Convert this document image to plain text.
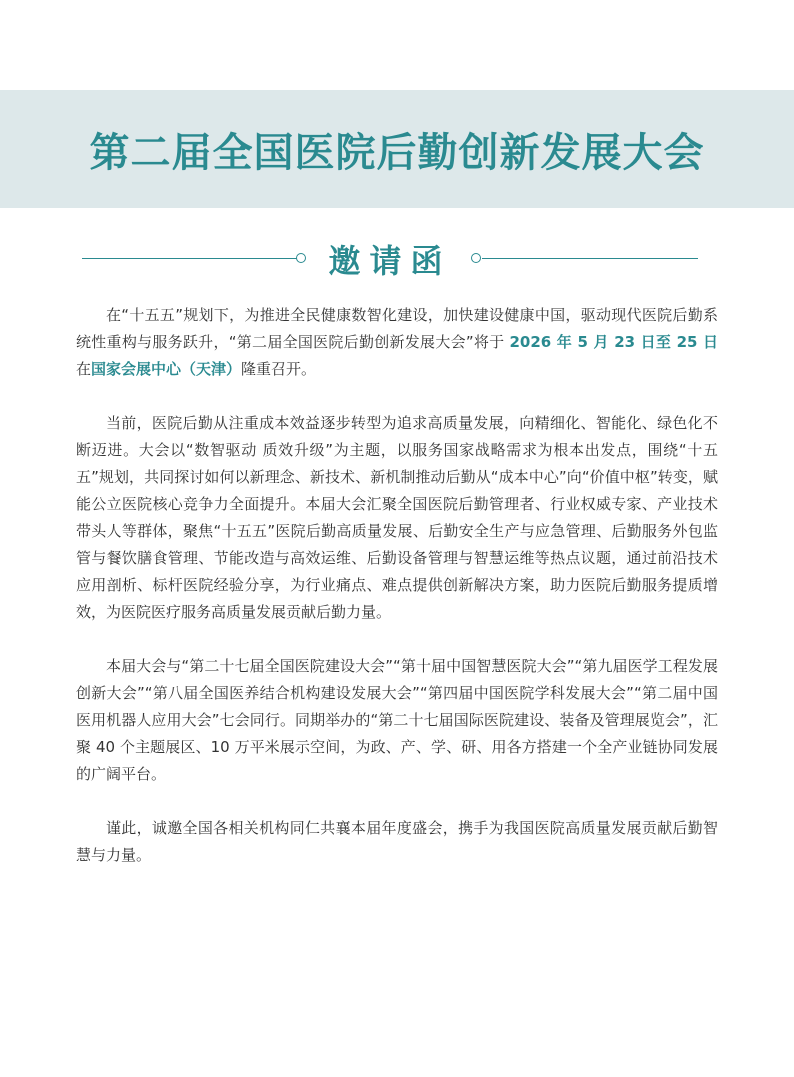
第二届全国医院后勤创新发展大会
邀请函

在“十五五”规划下，为推进全民健康数智化建设，加快建设健康中国，驱动现代医院后勤系统性重构与服务跃升，“第二届全国医院后勤创新发展大会”将于 2026 年 5 月 23 日至 25 日在国家会展中心（天津）隆重召开。

当前，医院后勤从注重成本效益逐步转型为追求高质量发展，向精细化、智能化、绿色化不断迈进。大会以“数智驱动 质效升级”为主题，以服务国家战略需求为根本出发点，围绕“十五五”规划，共同探讨如何以新理念、新技术、新机制推动后勤从“成本中心”向“价值中枢”转变，赋能公立医院核心竞争力全面提升。本届大会汇聚全国医院后勤管理者、行业权威专家、产业技术带头人等群体，聚焦“十五五”医院后勤高质量发展、后勤安全生产与应急管理、后勤服务外包监管与餐饮膳食管理、节能改造与高效运维、后勤设备管理与智慧运维等热点议题，通过前沿技术应用剖析、标杆医院经验分享，为行业痛点、难点提供创新解决方案，助力医院后勤服务提质增效，为医院医疗服务高质量发展贡献后勤力量。

本届大会与“第二十七届全国医院建设大会”“第十届中国智慧医院大会”“第九届医学工程发展创新大会”“第八届全国医养结合机构建设发展大会”“第四届中国医院学科发展大会”“第二届中国医用机器人应用大会”七会同行。同期举办的“第二十七届国际医院建设、装备及管理展览会”，汇聚 40 个主题展区、10 万平米展示空间，为政、产、学、研、用各方搭建一个全产业链协同发展的广阔平台。

谨此，诚邀全国各相关机构同仁共襄本届年度盛会，携手为我国医院高质量发展贡献后勤智慧与力量。
